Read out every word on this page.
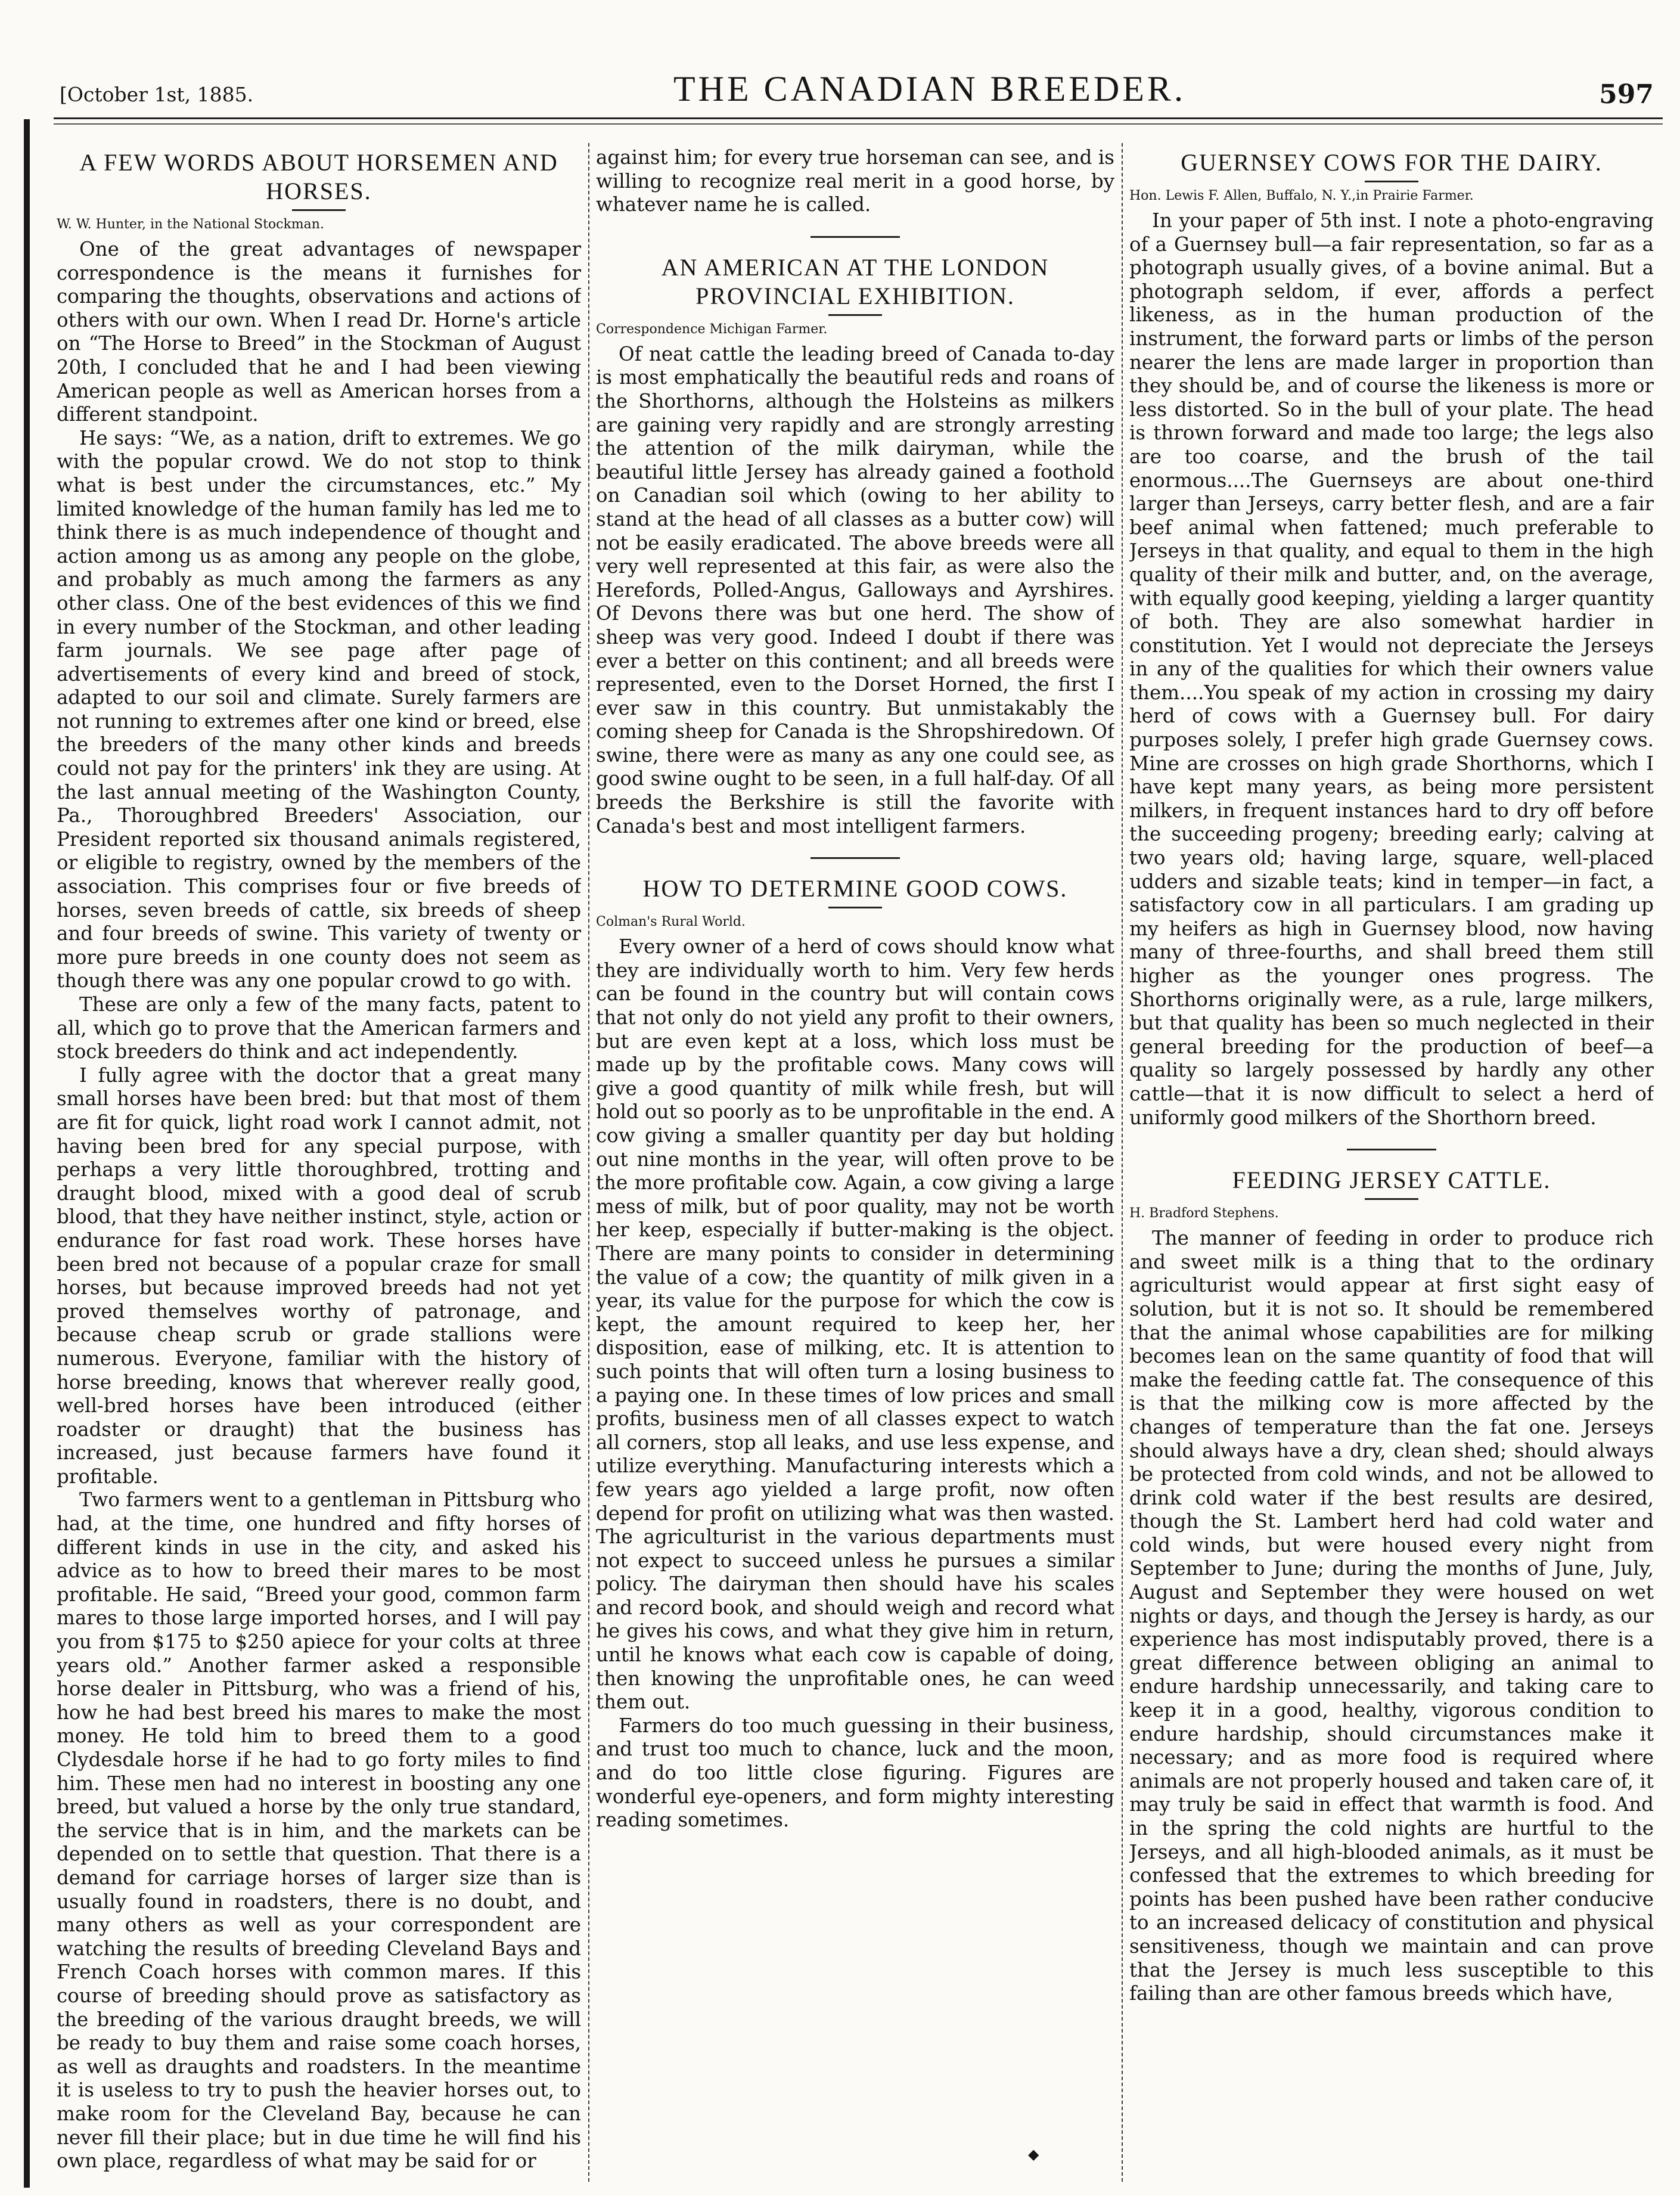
[October 1st, 1885.	THE CANADIAN BREEDER.	597
A FEW WORDS ABOUT HORSEMEN AND HORSES.
W. W. Hunter, in the National Stockman.

One of the great advantages of newspaper correspondence is the means it furnishes for comparing the thoughts, observations and actions of others with our own. When I read Dr. Horne's article on “The Horse to Breed” in the Stockman of August 20th, I concluded that he and I had been viewing American people as well as American horses from a different standpoint.

He says: “We, as a nation, drift to extremes. We go with the popular crowd. We do not stop to think what is best under the circumstances, etc.” My limited knowledge of the human family has led me to think there is as much independence of thought and action among us as among any people on the globe, and probably as much among the farmers as any other class. One of the best evidences of this we find in every number of the Stockman, and other leading farm journals. We see page after page of advertisements of every kind and breed of stock, adapted to our soil and climate. Surely farmers are not running to extremes after one kind or breed, else the breeders of the many other kinds and breeds could not pay for the printers' ink they are using. At the last annual meeting of the Washington County, Pa., Thoroughbred Breeders' Association, our President reported six thousand animals registered, or eligible to registry, owned by the members of the association. This comprises four or five breeds of horses, seven breeds of cattle, six breeds of sheep and four breeds of swine. This variety of twenty or more pure breeds in one county does not seem as though there was any one popular crowd to go with.

These are only a few of the many facts, patent to all, which go to prove that the American farmers and stock breeders do think and act independently.

I fully agree with the doctor that a great many small horses have been bred: but that most of them are fit for quick, light road work I cannot admit, not having been bred for any special purpose, with perhaps a very little thoroughbred, trotting and draught blood, mixed with a good deal of scrub blood, that they have neither instinct, style, action or endurance for fast road work. These horses have been bred not because of a popular craze for small horses, but because improved breeds had not yet proved themselves worthy of patronage, and because cheap scrub or grade stallions were numerous. Everyone, familiar with the history of horse breeding, knows that wherever really good, well-bred horses have been introduced (either roadster or draught) that the business has increased, just because farmers have found it profitable.

Two farmers went to a gentleman in Pittsburg who had, at the time, one hundred and fifty horses of different kinds in use in the city, and asked his advice as to how to breed their mares to be most profitable. He said, “Breed your good, common farm mares to those large imported horses, and I will pay you from $175 to $250 apiece for your colts at three years old.” Another farmer asked a responsible horse dealer in Pittsburg, who was a friend of his, how he had best breed his mares to make the most money. He told him to breed them to a good Clydesdale horse if he had to go forty miles to find him. These men had no interest in boosting any one breed, but valued a horse by the only true standard, the service that is in him, and the markets can be depended on to settle that question. That there is a demand for carriage horses of larger size than is usually found in roadsters, there is no doubt, and many others as well as your correspondent are watching the results of breeding Cleveland Bays and French Coach horses with common mares. If this course of breeding should prove as satisfactory as the breeding of the various draught breeds, we will be ready to buy them and raise some coach horses, as well as draughts and roadsters. In the meantime it is useless to try to push the heavier horses out, to make room for the Cleveland Bay, because he can never fill their place; but in due time he will find his own place, regardless of what may be said for or

against him; for every true horseman can see, and is willing to recognize real merit in a good horse, by whatever name he is called.

AN AMERICAN AT THE LONDON PROVINCIAL EXHIBITION.
Correspondence Michigan Farmer.

Of neat cattle the leading breed of Canada to-day is most emphatically the beautiful reds and roans of the Shorthorns, although the Holsteins as milkers are gaining very rapidly and are strongly arresting the attention of the milk dairyman, while the beautiful little Jersey has already gained a foothold on Canadian soil which (owing to her ability to stand at the head of all classes as a butter cow) will not be easily eradicated. The above breeds were all very well represented at this fair, as were also the Herefords, Polled-Angus, Galloways and Ayrshires. Of Devons there was but one herd. The show of sheep was very good. Indeed I doubt if there was ever a better on this continent; and all breeds were represented, even to the Dorset Horned, the first I ever saw in this country. But unmistakably the coming sheep for Canada is the Shropshiredown. Of swine, there were as many as any one could see, as good swine ought to be seen, in a full half-day. Of all breeds the Berkshire is still the favorite with Canada's best and most intelligent farmers.

HOW TO DETERMINE GOOD COWS.
Colman's Rural World.

Every owner of a herd of cows should know what they are individually worth to him. Very few herds can be found in the country but will contain cows that not only do not yield any profit to their owners, but are even kept at a loss, which loss must be made up by the profitable cows. Many cows will give a good quantity of milk while fresh, but will hold out so poorly as to be unprofitable in the end. A cow giving a smaller quantity per day but holding out nine months in the year, will often prove to be the more profitable cow. Again, a cow giving a large mess of milk, but of poor quality, may not be worth her keep, especially if butter-making is the object. There are many points to consider in determining the value of a cow; the quantity of milk given in a year, its value for the purpose for which the cow is kept, the amount required to keep her, her disposition, ease of milking, etc. It is attention to such points that will often turn a losing business to a paying one. In these times of low prices and small profits, business men of all classes expect to watch all corners, stop all leaks, and use less expense, and utilize everything. Manufacturing interests which a few years ago yielded a large profit, now often depend for profit on utilizing what was then wasted. The agriculturist in the various departments must not expect to succeed unless he pursues a similar policy. The dairyman then should have his scales and record book, and should weigh and record what he gives his cows, and what they give him in return, until he knows what each cow is capable of doing, then knowing the unprofitable ones, he can weed them out.

Farmers do too much guessing in their business, and trust too much to chance, luck and the moon, and do too little close figuring. Figures are wonderful eye-openers, and form mighty interesting reading sometimes.

GUERNSEY COWS FOR THE DAIRY.
Hon. Lewis F. Allen, Buffalo, N. Y.,in Prairie Farmer.

In your paper of 5th inst. I note a photo-engraving of a Guernsey bull—a fair representation, so far as a photograph usually gives, of a bovine animal. But a photograph seldom, if ever, affords a perfect likeness, as in the human production of the instrument, the forward parts or limbs of the person nearer the lens are made larger in proportion than they should be, and of course the likeness is more or less distorted. So in the bull of your plate. The head is thrown forward and made too large; the legs also are too coarse, and the brush of the tail enormous....The Guernseys are about one-third larger than Jerseys, carry better flesh, and are a fair beef animal when fattened; much preferable to Jerseys in that quality, and equal to them in the high quality of their milk and butter, and, on the average, with equally good keeping, yielding a larger quantity of both. They are also somewhat hardier in constitution. Yet I would not depreciate the Jerseys in any of the qualities for which their owners value them....You speak of my action in crossing my dairy herd of cows with a Guernsey bull. For dairy purposes solely, I prefer high grade Guernsey cows. Mine are crosses on high grade Shorthorns, which I have kept many years, as being more persistent milkers, in frequent instances hard to dry off before the succeeding progeny; breeding early; calving at two years old; having large, square, well-placed udders and sizable teats; kind in temper—in fact, a satisfactory cow in all particulars. I am grading up my heifers as high in Guernsey blood, now having many of three-fourths, and shall breed them still higher as the younger ones progress. The Shorthorns originally were, as a rule, large milkers, but that quality has been so much neglected in their general breeding for the production of beef—a quality so largely possessed by hardly any other cattle—that it is now difficult to select a herd of uniformly good milkers of the Shorthorn breed.

FEEDING JERSEY CATTLE.
H. Bradford Stephens.

The manner of feeding in order to produce rich and sweet milk is a thing that to the ordinary agriculturist would appear at first sight easy of solution, but it is not so. It should be remembered that the animal whose capabilities are for milking becomes lean on the same quantity of food that will make the feeding cattle fat. The consequence of this is that the milking cow is more affected by the changes of temperature than the fat one. Jerseys should always have a dry, clean shed; should always be protected from cold winds, and not be allowed to drink cold water if the best results are desired, though the St. Lambert herd had cold water and cold winds, but were housed every night from September to June; during the months of June, July, August and September they were housed on wet nights or days, and though the Jersey is hardy, as our experience has most indisputably proved, there is a great difference between obliging an animal to endure hardship unnecessarily, and taking care to keep it in a good, healthy, vigorous condition to endure hardship, should circumstances make it necessary; and as more food is required where animals are not properly housed and taken care of, it may truly be said in effect that warmth is food. And in the spring the cold nights are hurtful to the Jerseys, and all high-blooded animals, as it must be confessed that the extremes to which breeding for points has been pushed have been rather conducive to an increased delicacy of constitution and physical sensitiveness, though we maintain and can prove that the Jersey is much less susceptible to this failing than are other famous breeds which have,

◆
